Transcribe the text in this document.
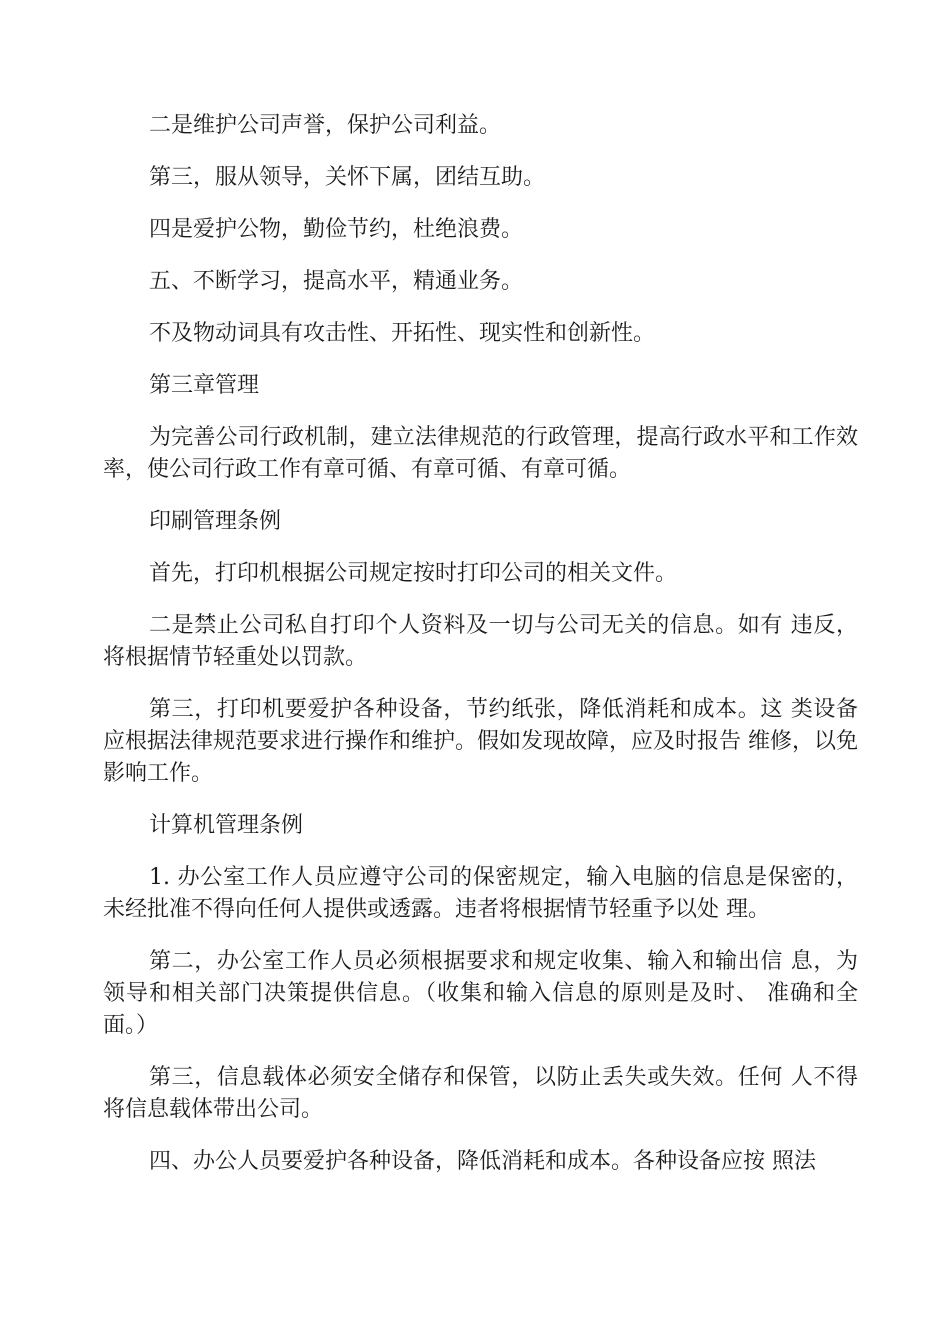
二是维护公司声誉，保护公司利益。

第三，服从领导，关怀下属，团结互助。

四是爱护公物，勤俭节约，杜绝浪费。

五、不断学习，提高水平，精通业务。

不及物动词具有攻击性、开拓性、现实性和创新性。

第三章管理

为完善公司行政机制，建立法律规范的行政管理，提高行政水平和工作效率，使公司行政工作有章可循、有章可循、有章可循。

印刷管理条例

首先，打印机根据公司规定按时打印公司的相关文件。

二是禁止公司私自打印个人资料及一切与公司无关的信息。如有 违反，将根据情节轻重处以罚款。

第三，打印机要爱护各种设备，节约纸张，降低消耗和成本。这 类设备应根据法律规范要求进行操作和维护。假如发现故障，应及时报告 维修，以免影响工作。

计算机管理条例

1. 办公室工作人员应遵守公司的保密规定，输入电脑的信息是保密的，未经批准不得向任何人提供或透露。违者将根据情节轻重予以处 理。

第二，办公室工作人员必须根据要求和规定收集、输入和输出信 息，为领导和相关部门决策提供信息。（收集和输入信息的原则是及时、 准确和全面。）

第三，信息载体必须安全储存和保管，以防止丢失或失效。任何 人不得将信息载体带出公司。

四、办公人员要爱护各种设备，降低消耗和成本。各种设备应按 照法
